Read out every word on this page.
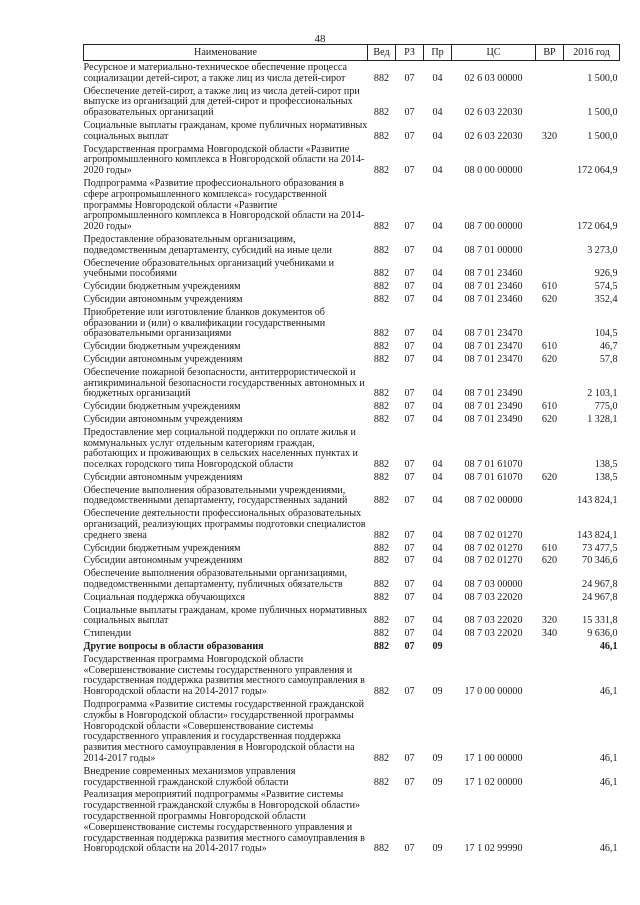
48
Наименование	Вед	РЗ	Пр	ЦС	ВР	2016 год
Ресурсное и материально-техническое обеспечение процесса социализации детей-сирот, а также лиц из числа детей-сирот	882	07	04	02 6 03 00000		1 500,0
Обеспечение детей-сирот, а также лиц из числа детей-сирот при выпуске из организаций для детей-сирот и профессиональных образовательных организаций	882	07	04	02 6 03 22030		1 500,0
Социальные выплаты гражданам, кроме публичных нормативных социальных выплат	882	07	04	02 6 03 22030	320	1 500,0
Государственная программа Новгородской области «Развитие агропромышленного комплекса в Новгородской области на 2014-2020 годы»	882	07	04	08 0 00 00000		172 064,9
Подпрограмма «Развитие профессионального образования в сфере агропромышленного комплекса» государственной программы Новгородской области «Развитие агропромышленного комплекса в Новгородской области на 2014-2020 годы»	882	07	04	08 7 00 00000		172 064,9
Предоставление образовательным организациям, подведомственным департаменту, субсидий на иные цели	882	07	04	08 7 01 00000		3 273,0
Обеспечение образовательных организаций учебниками и учебными пособиями	882	07	04	08 7 01 23460		926,9
Субсидии бюджетным учреждениям	882	07	04	08 7 01 23460	610	574,5
Субсидии автономным учреждениям	882	07	04	08 7 01 23460	620	352,4
Приобретение или изготовление бланков документов об образовании и (или) о квалификации государственными образовательными организациями	882	07	04	08 7 01 23470		104,5
Субсидии бюджетным учреждениям	882	07	04	08 7 01 23470	610	46,7
Субсидии автономным учреждениям	882	07	04	08 7 01 23470	620	57,8
Обеспечение пожарной безопасности, антитеррористической и антикриминальной безопасности государственных автономных и бюджетных организаций	882	07	04	08 7 01 23490		2 103,1
Субсидии бюджетным учреждениям	882	07	04	08 7 01 23490	610	775,0
Субсидии автономным учреждениям	882	07	04	08 7 01 23490	620	1 328,1
Предоставление мер социальной поддержки по оплате жилья и коммунальных услуг отдельным категориям граждан, работающих и проживающих в сельских населенных пунктах и поселках городского типа Новгородской области	882	07	04	08 7 01 61070		138,5
Субсидии автономным учреждениям	882	07	04	08 7 01 61070	620	138,5
Обеспечение выполнения образовательными учреждениями, подведомственными департаменту, государственных заданий	882	07	04	08 7 02 00000		143 824,1
Обеспечение деятельности профессиональных образовательных организаций, реализующих программы подготовки специалистов среднего звена	882	07	04	08 7 02 01270		143 824,1
Субсидии бюджетным учреждениям	882	07	04	08 7 02 01270	610	73 477,5
Субсидии автономным учреждениям	882	07	04	08 7 02 01270	620	70 346,6
Обеспечение выполнения образовательными организациями, подведомственными департаменту, публичных обязательств	882	07	04	08 7 03 00000		24 967,8
Социальная поддержка обучающихся	882	07	04	08 7 03 22020		24 967,8
Социальные выплаты гражданам, кроме публичных нормативных социальных выплат	882	07	04	08 7 03 22020	320	15 331,8
Стипендии	882	07	04	08 7 03 22020	340	9 636,0
Другие вопросы в области образования	882	07	09			46,1
Государственная программа Новгородской области «Совершенствование системы государственного управления и государственная поддержка развития местного самоуправления в Новгородской области на 2014-2017 годы»	882	07	09	17 0 00 00000		46,1
Подпрограмма «Развитие системы государственной гражданской службы в Новгородской области» государственной программы Новгородской области «Совершенствование системы государственного управления и государственная поддержка развития местного самоуправления в Новгородской области на 2014-2017 годы»	882	07	09	17 1 00 00000		46,1
Внедрение современных механизмов управления государственной гражданской службой области	882	07	09	17 1 02 00000		46,1
Реализация мероприятий подпрограммы «Развитие системы государственной гражданской службы в Новгородской области» государственной программы Новгородской области «Совершенствование системы государственного управления и государственная поддержка развития местного самоуправления в Новгородской области на 2014-2017 годы»	882	07	09	17 1 02 99990		46,1
